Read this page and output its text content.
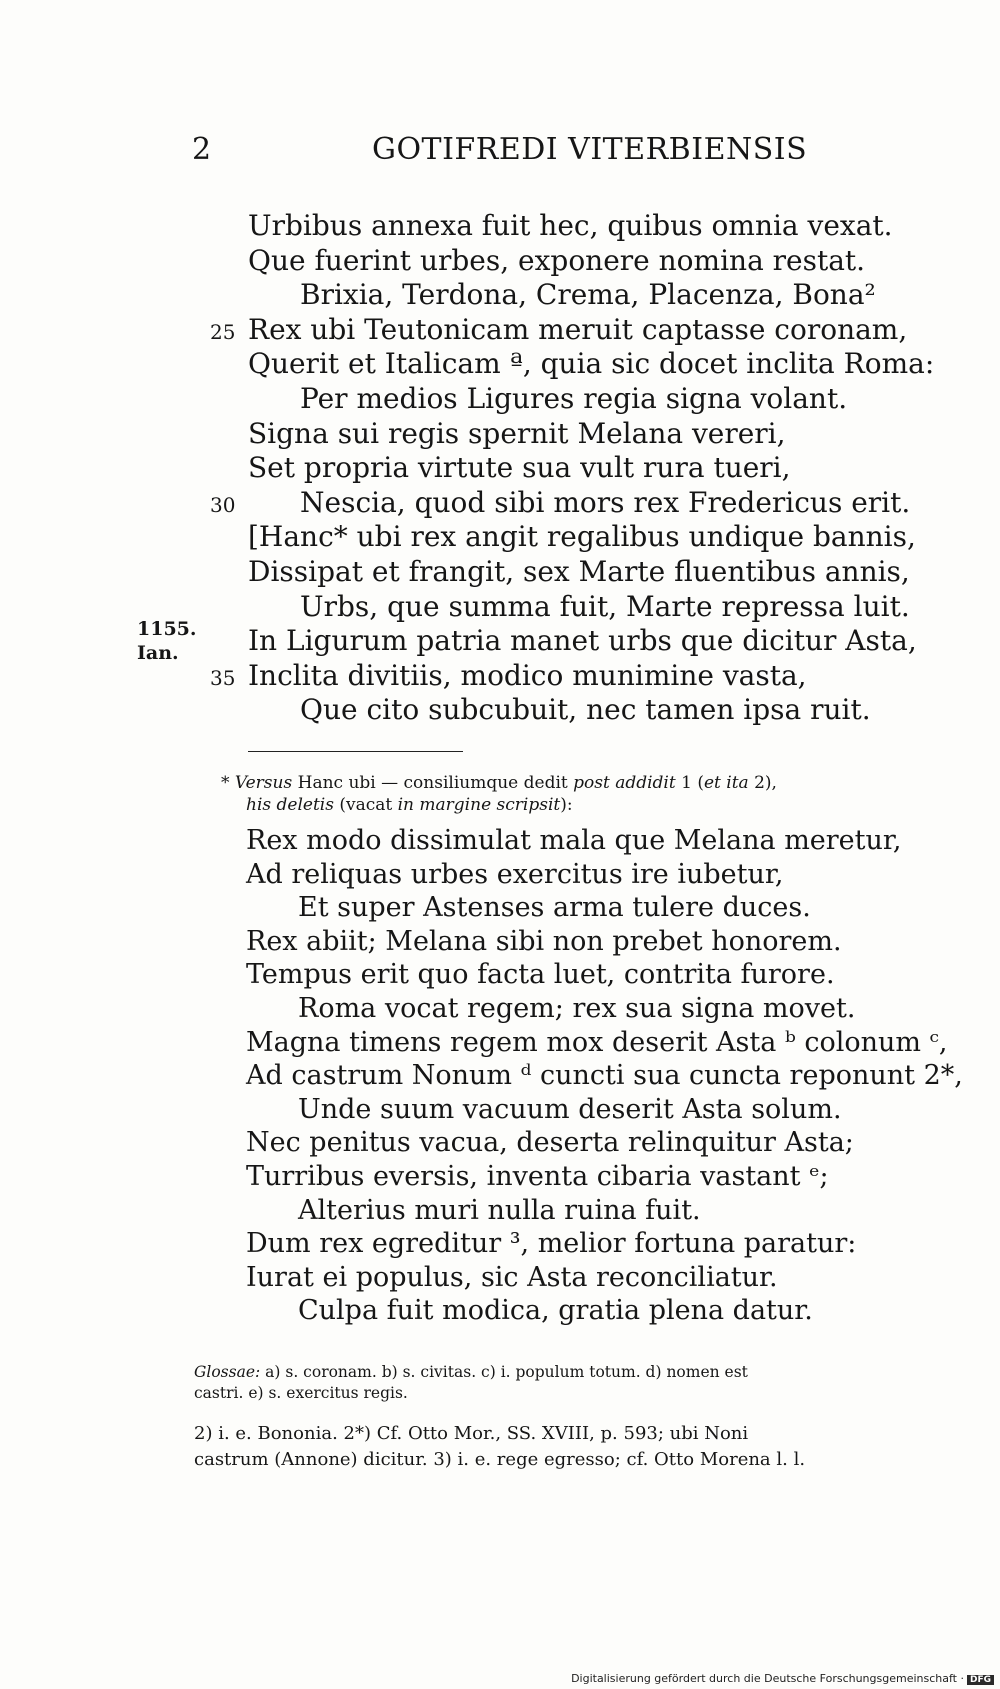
2	GOTIFREDI VITERBIENSIS
1155.
Ian.
Urbibus annexa fuit hec, quibus omnia vexat.
Que fuerint urbes, exponere nomina restat.
Brixia, Terdona, Crema, Placenza, Bona²
Rex ubi Teutonicam meruit captasse coronam,
25
Querit et Italicam ª, quia sic docet inclita Roma:
Per medios Ligures regia signa volant.
Signa sui regis spernit Melana vereri,
Set propria virtute sua vult rura tueri,
Nescia, quod sibi mors rex Fredericus erit.
30
[Hanc* ubi rex angit regalibus undique bannis,
Dissipat et frangit, sex Marte fluentibus annis,
Urbs, que summa fuit, Marte repressa luit.
In Ligurum patria manet urbs que dicitur Asta,
Inclita divitiis, modico munimine vasta,
35
Que cito subcubuit, nec tamen ipsa ruit.
* Versus Hanc ubi — consiliumque dedit post addidit 1 (et ita 2),
his deletis (vacat in margine scripsit):
Rex modo dissimulat mala que Melana meretur,
Ad reliquas urbes exercitus ire iubetur,
Et super Astenses arma tulere duces.
Rex abiit; Melana sibi non prebet honorem.
Tempus erit quo facta luet, contrita furore.
Roma vocat regem; rex sua signa movet.
Magna timens regem mox deserit Asta ᵇ colonum ᶜ,
Ad castrum Nonum ᵈ cuncti sua cuncta reponunt 2*,
Unde suum vacuum deserit Asta solum.
Nec penitus vacua, deserta relinquitur Asta;
Turribus eversis, inventa cibaria vastant ᵉ;
Alterius muri nulla ruina fuit.
Dum rex egreditur ³, melior fortuna paratur:
Iurat ei populus, sic Asta reconciliatur.
Culpa fuit modica, gratia plena datur.
Glossae: a) s. coronam. b) s. civitas. c) i. populum totum. d) nomen est
castri. e) s. exercitus regis.
2) i. e. Bononia. 2*) Cf. Otto Mor., SS. XVIII, p. 593; ubi Noni
castrum (Annone) dicitur. 3) i. e. rege egresso; cf. Otto Morena l. l.
Digitalisierung gefördert durch die Deutsche Forschungsgemeinschaft · DFG
